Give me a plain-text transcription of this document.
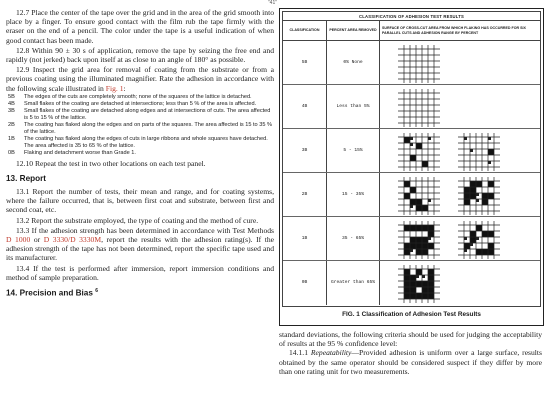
”41”

12.7 Place the center of the tape over the grid and in the area of the grid smooth into place by a finger. To ensure good contact with the film rub the tape firmly with the eraser on the end of a pencil. The color under the tape is a useful indication of when good contact has been made.

12.8 Within 90 ± 30 s of application, remove the tape by seizing the free end and rapidly (not jerked) back upon itself at as close to an angle of 180° as possible.

12.9 Inspect the grid area for removal of coating from the substrate or from a previous coating using the illuminated magnifier. Rate the adhesion in accordance with the following scale illustrated in Fig. 1:

5B	The edges of the cuts are completely smooth; none of the squares of the lattice is detached.
4B	Small flakes of the coating are detached at intersections; less than 5 % of the area is affected.
3B	Small flakes of the coating are detached along edges and at intersections of cuts. The area affected is 5 to 15 % of the lattice.
2B	The coating has flaked along the edges and on parts of the squares. The area affected is 15 to 35 % of the lattice.
1B	The coating has flaked along the edges of cuts in large ribbons and whole squares have detached. The area affected is 35 to 65 % of the lattice.
0B	Flaking and detachment worse than Grade 1.

12.10 Repeat the test in two other locations on each test panel.

13. Report

13.1 Report the number of tests, their mean and range, and for coating systems, where the failure occurred, that is, between first coat and substrate, between first and second coat, etc.

13.2 Report the substrate employed, the type of coating and the method of cure.

13.3 If the adhesion strength has been determined in accordance with Test Methods D 1000 or D 3330/D 3330M, report the results with the adhesion rating(s). If the adhesion strength of the tape has not been determined, report the specific tape used and its manufacturer.

13.4 If the test is performed after immersion, report immersion conditions and method of sample preparation.

14. Precision and Bias $^6$
CLASSIFICATION OF ADHESION TEST RESULTS
CLASSIFICATION	PERCENT AREA REMOVED
SURFACE OF CROSS-CUT AREA FROM WHICH FLAKING HAS OCCURRED FOR SIX PARALLEL CUTS AND ADHESION RANGE BY PERCENT
5B	0% None
4B	Less than 5%
3B	5 - 15%
2B	15 - 35%
1B	35 - 65%
0B	Greater than 65%
FIG. 1 Classification of Adhesion Test Results

standard deviations, the following criteria should be used for judging the acceptability of results at the 95 % confidence level:

14.1.1 Repeatability—Provided adhesion is uniform over a large surface, results obtained by the same operator should be considered suspect if they differ by more than one rating unit for two measurements.
